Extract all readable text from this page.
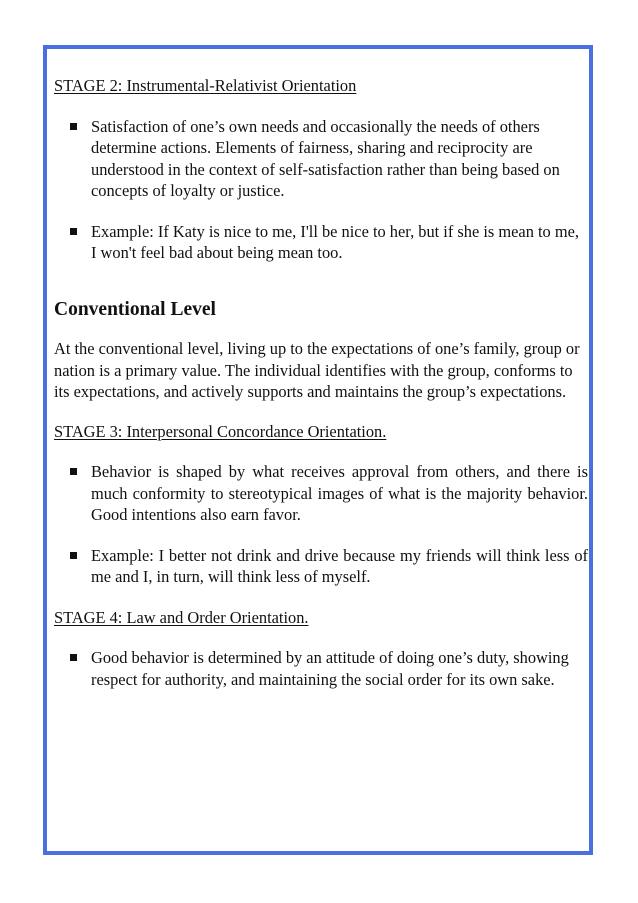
STAGE 2: Instrumental-Relativist Orientation

Satisfaction of one’s own needs and occasionally the needs of others determine actions. Elements of fairness, sharing and reciprocity are understood in the context of self-satisfaction rather than being based on concepts of loyalty or justice.
Example: If Katy is nice to me, I'll be nice to her, but if she is mean to me, I won't feel bad about being mean too.

Conventional Level

At the conventional level, living up to the expectations of one’s family, group or nation is a primary value. The individual identifies with the group, conforms to its expectations, and actively supports and maintains the group’s expectations.

STAGE 3: Interpersonal Concordance Orientation.

Behavior is shaped by what receives approval from others, and there is much conformity to stereotypical images of what is the majority behavior. Good intentions also earn favor.
Example: I better not drink and drive because my friends will think less of me and I, in turn, will think less of myself.

STAGE 4: Law and Order Orientation.

Good behavior is determined by an attitude of doing one’s duty, showing respect for authority, and maintaining the social order for its own sake.
